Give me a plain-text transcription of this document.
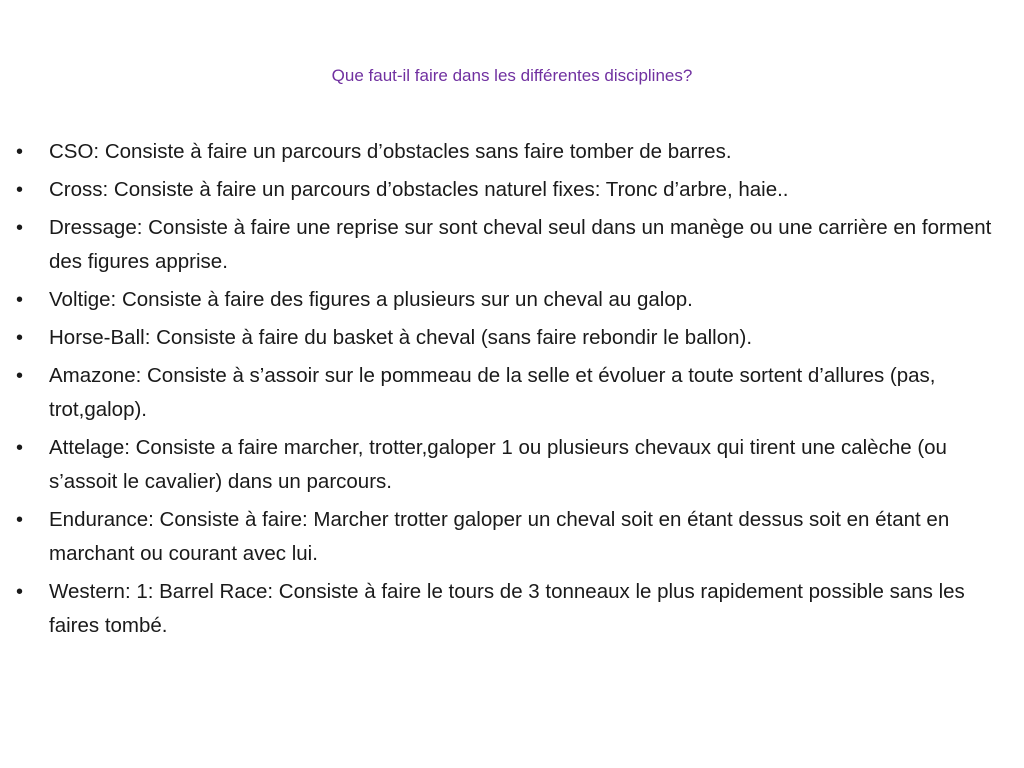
Que faut-il faire dans les différentes disciplines?
•	CSO: Consiste à faire un parcours d’obstacles sans faire tomber de barres.
•	Cross: Consiste à faire un parcours d’obstacles naturel fixes: Tronc d’arbre, haie..
•	Dressage: Consiste à faire une reprise sur sont cheval seul dans un manège ou une carrière en forment des figures apprise.
•	Voltige: Consiste à faire des figures a plusieurs sur un cheval au galop.
•	Horse-Ball: Consiste à faire du basket à cheval (sans faire rebondir le ballon).
•	Amazone: Consiste à s’assoir sur le pommeau de la selle et évoluer a toute sortent d’allures (pas, trot,galop).
•	Attelage: Consiste a faire marcher, trotter,galoper 1 ou plusieurs chevaux qui tirent une calèche (ou s’assoit le cavalier) dans un parcours.
•	Endurance: Consiste à faire: Marcher trotter galoper un cheval soit en étant dessus soit en étant en marchant ou courant avec lui.
•	Western: 1: Barrel Race: Consiste à faire le tours de 3 tonneaux le plus rapidement possible sans les faires tombé.
